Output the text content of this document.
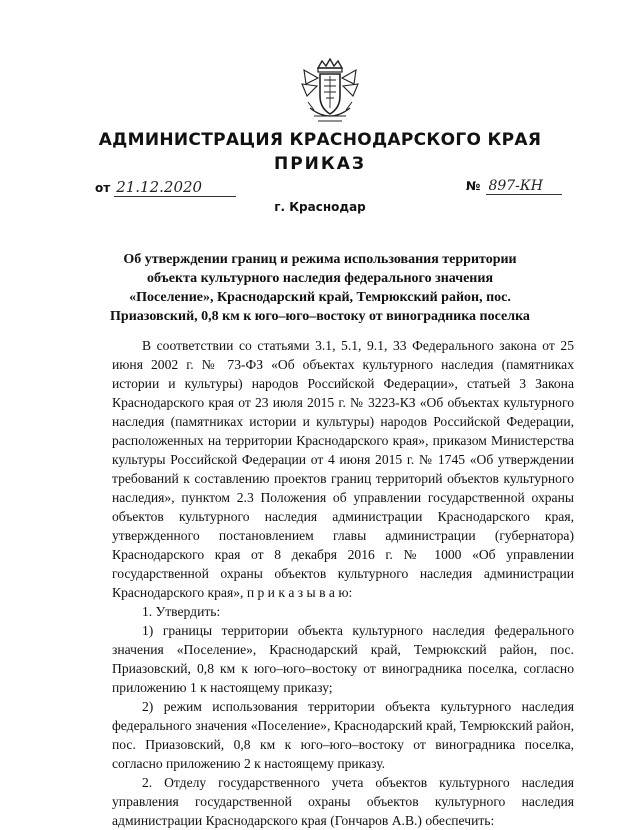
АДМИНИСТРАЦИЯ КРАСНОДАРСКОГО КРАЯ
ПРИКАЗ
от 21.12.2020	№ 897-КН
г. Краснодар
Об утверждении границ и режима использования территории объекта культурного наследия федерального значения «Поселение», Краснодарский край, Темрюкский район, пос. Приазовский, 0,8 км к юго–юго–востоку от виноградника поселка

В соответствии со статьями 3.1, 5.1, 9.1, 33 Федерального закона от 25 июня 2002 г. № 73-ФЗ «Об объектах культурного наследия (памятниках истории и культуры) народов Российской Федерации», статьей 3 Закона Краснодарского края от 23 июля 2015 г. № 3223-КЗ «Об объектах культурного наследия (памятниках истории и культуры) народов Российской Федерации, расположенных на территории Краснодарского края», приказом Министерства культуры Российской Федерации от 4 июня 2015 г. № 1745 «Об утверждении требований к составлению проектов границ территорий объектов культурного наследия», пунктом 2.3 Положения об управлении государственной охраны объектов культурного наследия администрации Краснодарского края, утвержденного постановлением главы администрации (губернатора) Краснодарского края от 8 декабря 2016 г. № 1000 «Об управлении государственной охраны объектов культурного наследия администрации Краснодарского края», п р и к а з ы в а ю:

1. Утвердить:

1) границы территории объекта культурного наследия федерального значения «Поселение», Краснодарский край, Темрюкский район, пос. Приазовский, 0,8 км к юго–юго–востоку от виноградника поселка, согласно приложению 1 к настоящему приказу;

2) режим использования территории объекта культурного наследия федерального значения «Поселение», Краснодарский край, Темрюкский район, пос. Приазовский, 0,8 км к юго–юго–востоку от виноградника поселка, согласно приложению 2 к настоящему приказу.

2. Отделу государственного учета объектов культурного наследия управления государственной охраны объектов культурного наследия администрации Краснодарского края (Гончаров А.В.) обеспечить:
